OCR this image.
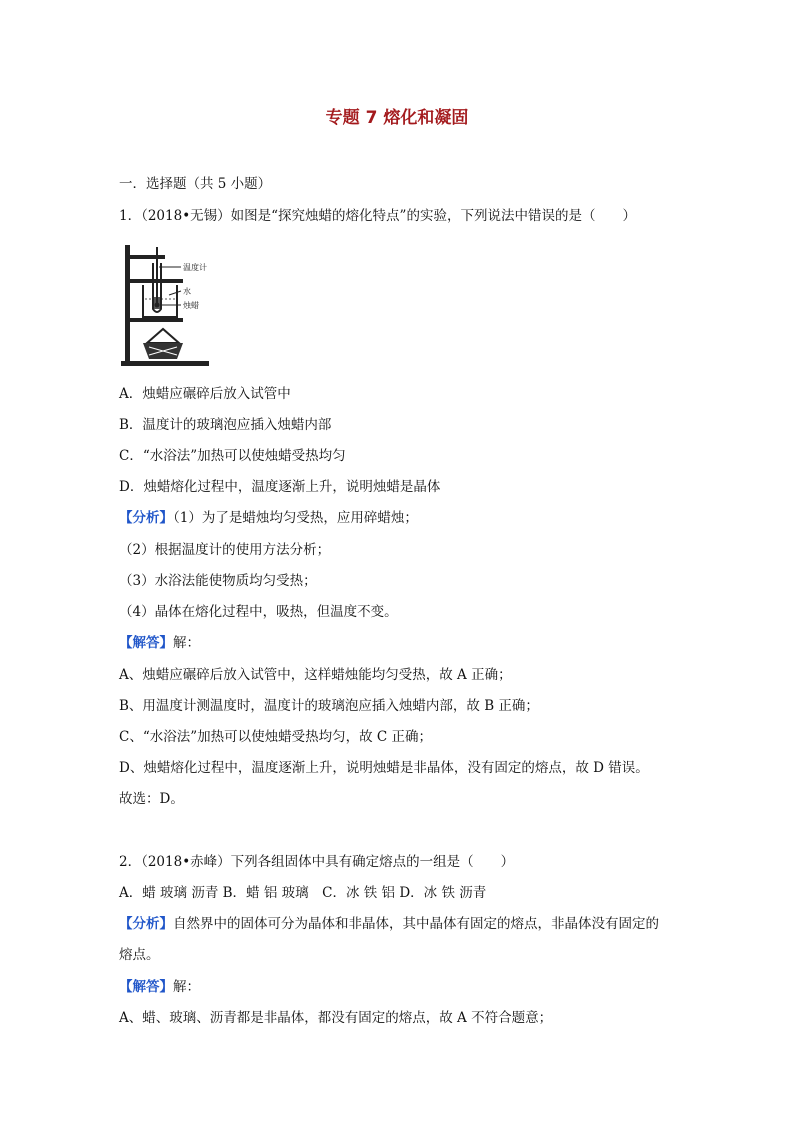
专题 7 熔化和凝固
一．选择题（共 5 小题）
1．（2018•无锡）如图是“探究烛蜡的熔化特点”的实验，下列说法中错误的是（　　）
温度计
水
烛蜡
A．烛蜡应碾碎后放入试管中
B．温度计的玻璃泡应插入烛蜡内部
C．“水浴法”加热可以使烛蜡受热均匀
D．烛蜡熔化过程中，温度逐渐上升，说明烛蜡是晶体
【分析】（1）为了是蜡烛均匀受热，应用碎蜡烛；
（2）根据温度计的使用方法分析；
（3）水浴法能使物质均匀受热；
（4）晶体在熔化过程中，吸热，但温度不变。
【解答】解：
A、烛蜡应碾碎后放入试管中，这样蜡烛能均匀受热，故 A 正确；
B、用温度计测温度时，温度计的玻璃泡应插入烛蜡内部，故 B 正确；
C、“水浴法”加热可以使烛蜡受热均匀，故 C 正确；
D、烛蜡熔化过程中，温度逐渐上升，说明烛蜡是非晶体，没有固定的熔点，故 D 错误。
故选：D。
2．（2018•赤峰）下列各组固体中具有确定熔点的一组是（　　）
A．蜡 玻璃 沥青 B．蜡 铝 玻璃　C．冰 铁 铝 D．冰 铁 沥青
【分析】自然界中的固体可分为晶体和非晶体，其中晶体有固定的熔点，非晶体没有固定的
熔点。
【解答】解：
A、蜡、玻璃、沥青都是非晶体，都没有固定的熔点，故 A 不符合题意；
